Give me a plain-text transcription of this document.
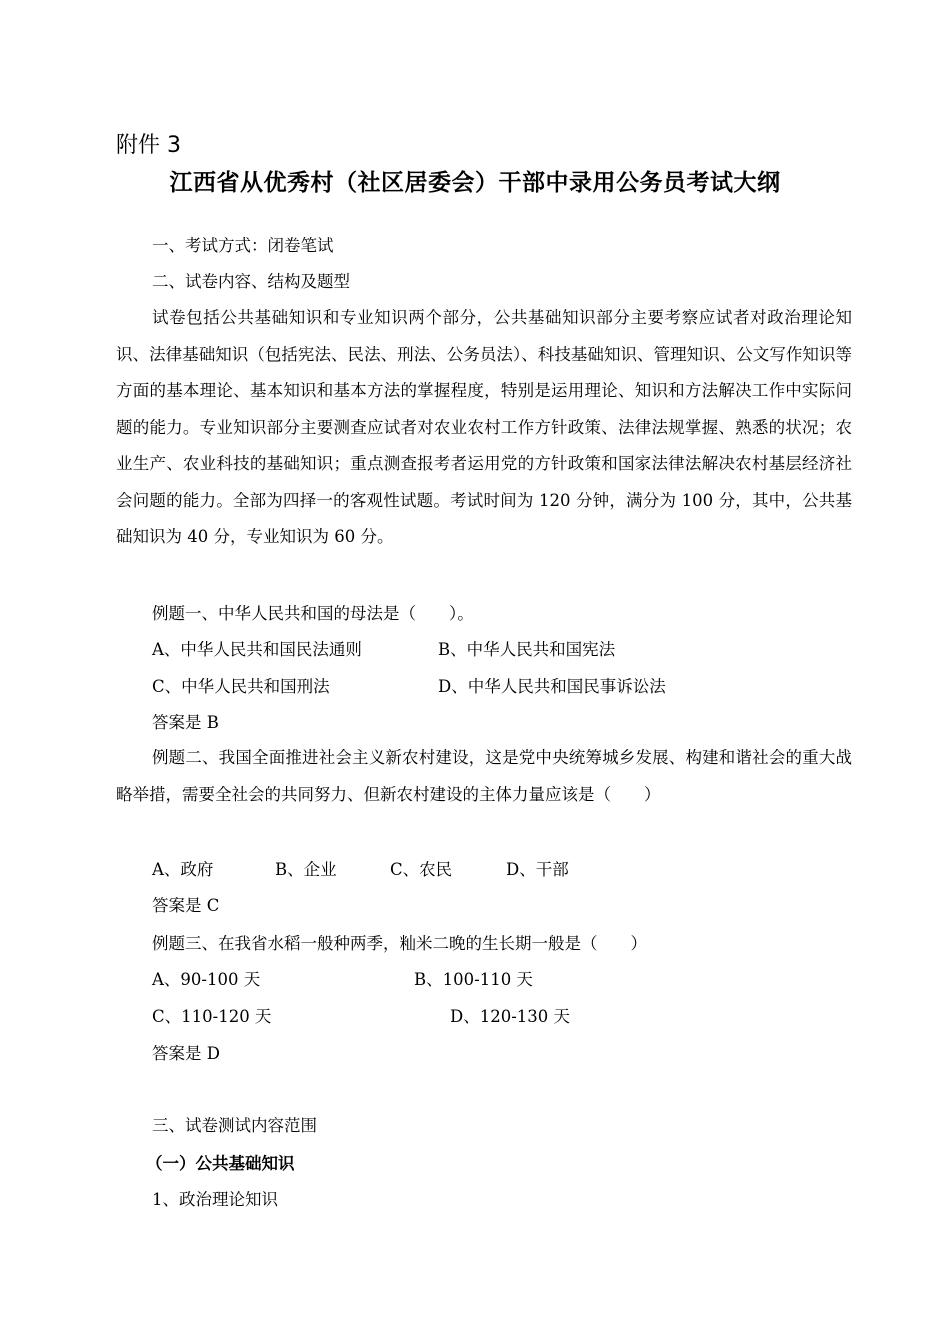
附件 3
江西省从优秀村（社区居委会）干部中录用公务员考试大纲
一、考试方式：闭卷笔试
二、试卷内容、结构及题型
试卷包括公共基础知识和专业知识两个部分，公共基础知识部分主要考察应试者对政治理论知识、法律基础知识（包括宪法、民法、刑法、公务员法）、科技基础知识、管理知识、公文写作知识等方面的基本理论、基本知识和基本方法的掌握程度，特别是运用理论、知识和方法解决工作中实际问题的能力。专业知识部分主要测查应试者对农业农村工作方针政策、法律法规掌握、熟悉的状况；农业生产、农业科技的基础知识；重点测查报考者运用党的方针政策和国家法律法解决农村基层经济社会问题的能力。全部为四择一的客观性试题。考试时间为 120 分钟，满分为 100 分，其中，公共基础知识为 40 分，专业知识为 60 分。
例题一、中华人民共和国的母法是（　　）。
A、中华人民共和国民法通则	B、中华人民共和国宪法
C、中华人民共和国刑法	D、中华人民共和国民事诉讼法
答案是 B
例题二、我国全面推进社会主义新农村建设，这是党中央统筹城乡发展、构建和谐社会的重大战略举措，需要全社会的共同努力、但新农村建设的主体力量应该是（　　）
A、政府	B、企业	C、农民	D、干部
答案是 C
例题三、在我省水稻一般种两季，籼米二晚的生长期一般是（　　）
A、90-100 天	B、100-110 天
C、110-120 天	D、120-130 天
答案是 D
三、试卷测试内容范围
（一）公共基础知识
1、政治理论知识
